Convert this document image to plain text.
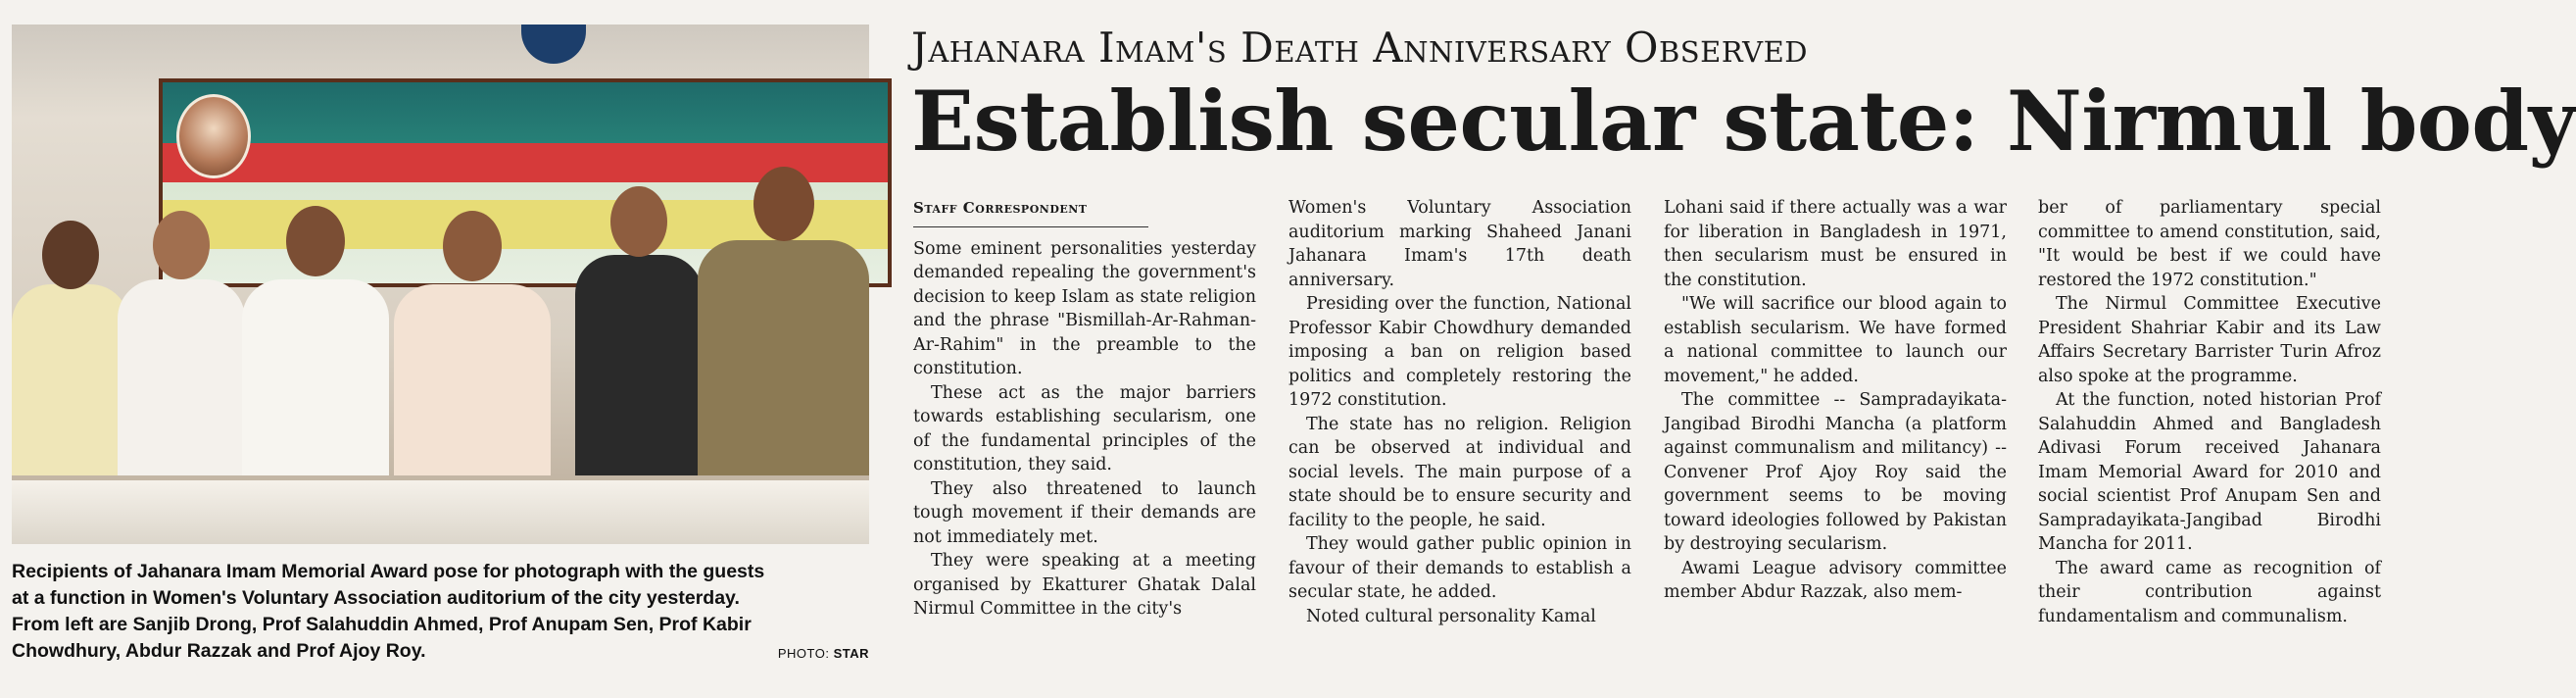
Recipients of Jahanara Imam Memorial Award pose for photograph with the guests
at a function in Women's Voluntary Association auditorium of the city yesterday.
From left are Sanjib Drong, Prof Salahuddin Ahmed, Prof Anupam Sen, Prof Kabir
Chowdhury, Abdur Razzak and Prof Ajoy Roy.	PHOTO: STAR
Jahanara Imam's Death Anniversary Observed
Establish secular state: Nirmul body
Staff Correspondent

Some eminent personalities yesterday demanded repealing the government's decision to keep Islam as state religion and the phrase "Bismillah-Ar-Rahman-Ar-Rahim" in the preamble to the constitution.

These act as the major barriers towards establishing secularism, one of the fundamental principles of the constitution, they said.

They also threatened to launch tough movement if their demands are not immediately met.

They were speaking at a meeting organised by Ekatturer Ghatak Dalal Nirmul Committee in the city's

Women's Voluntary Association auditorium marking Shaheed Janani Jahanara Imam's 17th death anniversary.

Presiding over the function, National Professor Kabir Chowdhury demanded imposing a ban on religion based politics and completely restoring the 1972 constitution.

The state has no religion. Religion can be observed at individual and social levels. The main purpose of a state should be to ensure security and facility to the people, he said.

They would gather public opinion in favour of their demands to establish a secular state, he added.

Noted cultural personality Kamal

Lohani said if there actually was a war for liberation in Bangladesh in 1971, then secularism must be ensured in the constitution.

"We will sacrifice our blood again to establish secularism. We have formed a national committee to launch our movement," he added.

The committee -- Sampradayikata-Jangibad Birodhi Mancha (a platform against communalism and militancy) -- Convener Prof Ajoy Roy said the government seems to be moving toward ideologies followed by Pakistan by destroying secularism.

Awami League advisory committee member Abdur Razzak, also mem-

ber of parliamentary special committee to amend constitution, said, "It would be best if we could have restored the 1972 constitution."

The Nirmul Committee Executive President Shahriar Kabir and its Law Affairs Secretary Barrister Turin Afroz also spoke at the programme.

At the function, noted historian Prof Salahuddin Ahmed and Bangladesh Adivasi Forum received Jahanara Imam Memorial Award for 2010 and social scientist Prof Anupam Sen and Sampradayikata-Jangibad Birodhi Mancha for 2011.

The award came as recognition of their contribution against fundamentalism and communalism.
